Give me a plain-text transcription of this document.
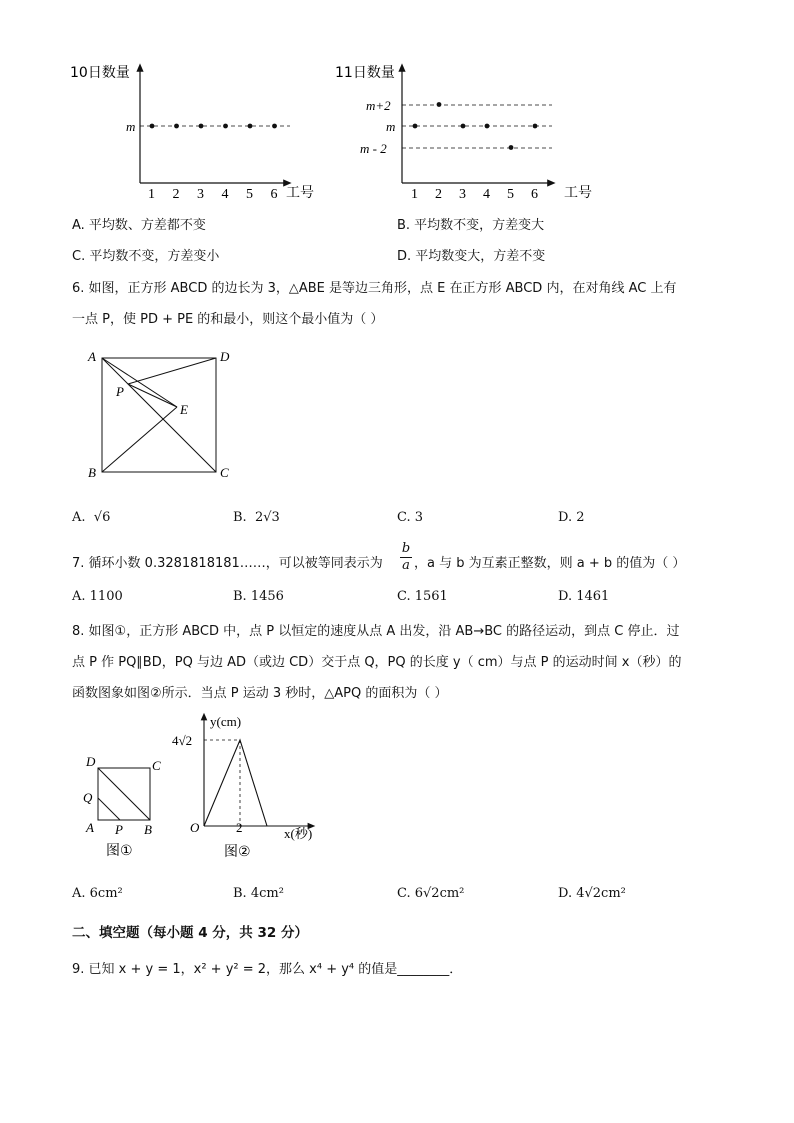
10日数量
m
1 2 3 4 5 6 工号
11日数量
m+2
m
m - 2
1 2 3 4 5 6 工号
A. 平均数、方差都不变	B. 平均数不变，方差变大
C. 平均数不变，方差变小	D. 平均数变大，方差不变
6. 如图，正方形 ABCD 的边长为 3，△ABE 是等边三角形，点 E 在正方形 ABCD 内，在对角线 AC 上有
一点 P，使 PD + PE 的和最小，则这个最小值为（ ）
A	D
P
E
B	C
A. √6	B. 2√3	C. 3	D. 2
7. 循环小数 0.3281818181……，可以被等同表示为 $\frac{b}{a}$ ，a 与 b 为互素正整数，则 a + b 的值为（ ）
A. 1100	B. 1456	C. 1561	D. 1461
8. 如图①，正方形 ABCD 中，点 P 以恒定的速度从点 A 出发，沿 AB→BC 的路径运动，到点 C 停止．过
点 P 作 PQ∥BD，PQ 与边 AD（或边 CD）交于点 Q，PQ 的长度 y（ cm）与点 P 的运动时间 x（秒）的
函数图象如图②所示．当点 P 运动 3 秒时，△APQ 的面积为（ ）
D	C
Q
A P B
图①
y(cm)
x(秒)
O	2
4√2
图②
A. 6cm²	B. 4cm²	C. 6√2cm²	D. 4√2cm²
二、填空题（每小题 4 分，共 32 分）
9. 已知 x + y = 1，x² + y² = 2，那么 x⁴ + y⁴ 的值是________．
